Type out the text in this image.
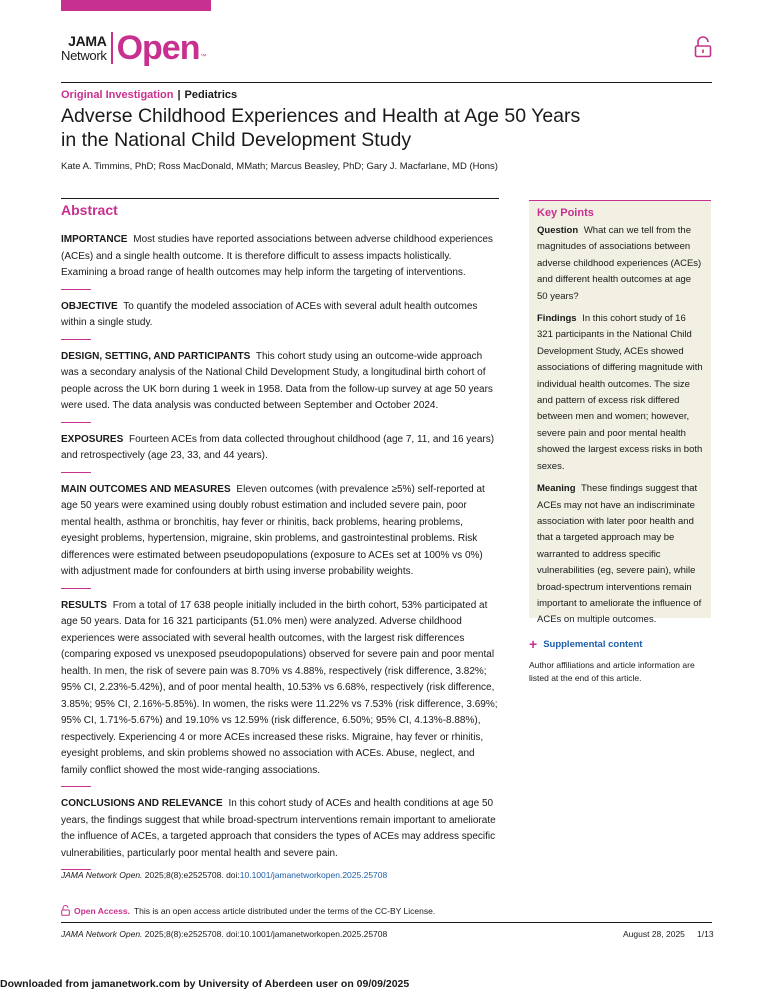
JAMA
Network Open ™
Original Investigation | Pediatrics
Adverse Childhood Experiences and Health at Age 50 Years in the National Child Development Study
Kate A. Timmins, PhD; Ross MacDonald, MMath; Marcus Beasley, PhD; Gary J. Macfarlane, MD (Hons)
Abstract

IMPORTANCE Most studies have reported associations between adverse childhood experiences (ACEs) and a single health outcome. It is therefore difficult to assess impacts holistically. Examining a broad range of health outcomes may help inform the targeting of interventions.

OBJECTIVE To quantify the modeled association of ACEs with several adult health outcomes within a single study.

DESIGN, SETTING, AND PARTICIPANTS This cohort study using an outcome-wide approach was a secondary analysis of the National Child Development Study, a longitudinal birth cohort of people across the UK born during 1 week in 1958. Data from the follow-up survey at age 50 years were used. The data analysis was conducted between September and October 2024.

EXPOSURES Fourteen ACEs from data collected throughout childhood (age 7, 11, and 16 years) and retrospectively (age 23, 33, and 44 years).

MAIN OUTCOMES AND MEASURES Eleven outcomes (with prevalence ≥5%) self-reported at age 50 years were examined using doubly robust estimation and included severe pain, poor mental health, asthma or bronchitis, hay fever or rhinitis, back problems, hearing problems, eyesight problems, hypertension, migraine, skin problems, and gastrointestinal problems. Risk differences were estimated between pseudopopulations (exposure to ACEs set at 100% vs 0%) with adjustment made for confounders at birth using inverse probability weights.

RESULTS From a total of 17 638 people initially included in the birth cohort, 53% participated at age 50 years. Data for 16 321 participants (51.0% men) were analyzed. Adverse childhood experiences were associated with several health outcomes, with the largest risk differences (comparing exposed vs unexposed pseudopopulations) observed for severe pain and poor mental health. In men, the risk of severe pain was 8.70% vs 4.88%, respectively (risk difference, 3.82%; 95% CI, 2.23%-5.42%), and of poor mental health, 10.53% vs 6.68%, respectively (risk difference, 3.85%; 95% CI, 2.16%-5.85%). In women, the risks were 11.22% vs 7.53% (risk difference, 3.69%; 95% CI, 1.71%-5.67%) and 19.10% vs 12.59% (risk difference, 6.50%; 95% CI, 4.13%-8.88%), respectively. Experiencing 4 or more ACEs increased these risks. Migraine, hay fever or rhinitis, eyesight problems, and skin problems showed no association with ACEs. Abuse, neglect, and family conflict showed the most wide-ranging associations.

CONCLUSIONS AND RELEVANCE In this cohort study of ACEs and health conditions at age 50 years, the findings suggest that while broad-spectrum interventions remain important to ameliorate the influence of ACEs, a targeted approach that considers the types of ACEs may address specific vulnerabilities, particularly poor mental health and severe pain.

JAMA Network Open. 2025;8(8):e2525708. doi:10.1001/jamanetworkopen.2025.25708
Open Access. This is an open access article distributed under the terms of the CC-BY License.
JAMA Network Open. 2025;8(8):e2525708. doi:10.1001/jamanetworkopen.2025.25708	August 28, 2025 1/13
Downloaded from jamanetwork.com by University of Aberdeen user on 09/09/2025
Key Points

Question What can we tell from the magnitudes of associations between adverse childhood experiences (ACEs) and different health outcomes at age 50 years?

Findings In this cohort study of 16 321 participants in the National Child Development Study, ACEs showed associations of differing magnitude with individual health outcomes. The size and pattern of excess risk differed between men and women; however, severe pain and poor mental health showed the largest excess risks in both sexes.

Meaning These findings suggest that ACEs may not have an indiscriminate association with later poor health and that a targeted approach may be warranted to address specific vulnerabilities (eg, severe pain), while broad-spectrum interventions remain important to ameliorate the influence of ACEs on multiple outcomes.

+ Supplemental content
Author affiliations and article information are listed at the end of this article.
